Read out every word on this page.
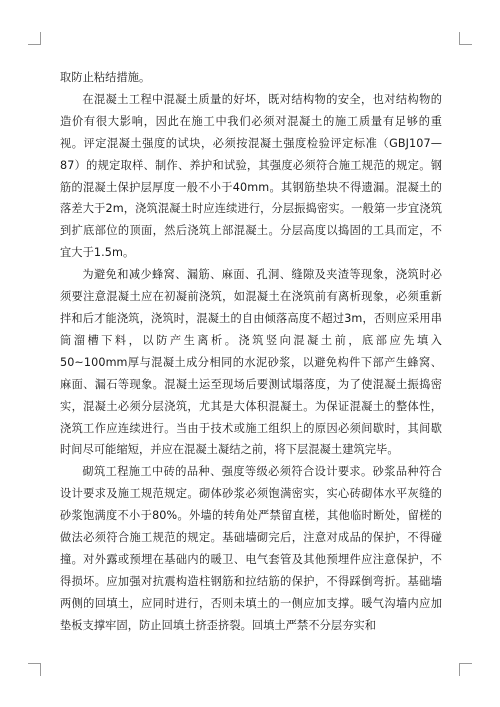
取防止粘结措施。

在混凝土工程中混凝土质量的好坏，既对结构物的安全，也对结构物的造价有很大影响，因此在施工中我们必须对混凝土的施工质量有足够的重视。评定混凝土强度的试块，必须按混凝土强度检验评定标准（GBJ107—87）的规定取样、制作、养护和试验，其强度必须符合施工规范的规定。钢筋的混凝土保护层厚度一般不小于40mm。其钢筋垫块不得遗漏。混凝土的落差大于2m，浇筑混凝土时应连续进行，分层振捣密实。一般第一步宜浇筑到扩底部位的顶面，然后浇筑上部混凝土。分层高度以捣固的工具而定，不宜大于1.5m。

为避免和减少蜂窝、漏筋、麻面、孔洞、缝隙及夹渣等现象，浇筑时必须要注意混凝土应在初凝前浇筑，如混凝土在浇筑前有离析现象，必须重新拌和后才能浇筑，浇筑时，混凝土的自由倾落高度不超过3m，否则应采用串筒溜槽下料，以防产生离析。浇筑竖向混凝土前，底部应先填入50~100mm厚与混凝土成分相同的水泥砂浆，以避免构件下部产生蜂窝、麻面、漏石等现象。混凝土运至现场后要测试塌落度，为了使混凝土振捣密实，混凝土必须分层浇筑，尤其是大体积混凝土。为保证混凝土的整体性，浇筑工作应连续进行。当由于技术或施工组织上的原因必须间歇时，其间歇时间尽可能缩短，并应在混凝土凝结之前，将下层混凝土建筑完毕。

砌筑工程施工中砖的品种、强度等级必须符合设计要求。砂浆品种符合设计要求及施工规范规定。砌体砂浆必须饱满密实，实心砖砌体水平灰缝的砂浆饱满度不小于80%。外墙的转角处严禁留直槎，其他临时断处，留槎的做法必须符合施工规范的规定。基础墙砌完后，注意对成品的保护，不得碰撞。对外露或预埋在基础内的暖卫、电气套管及其他预埋件应注意保护，不得损坏。应加强对抗震构造柱钢筋和拉结筋的保护，不得踩倒弯折。基础墙两侧的回填土，应同时进行，否则未填土的一侧应加支撑。暖气沟墙内应加垫板支撑牢固，防止回填土挤歪挤裂。回填土严禁不分层夯实和
